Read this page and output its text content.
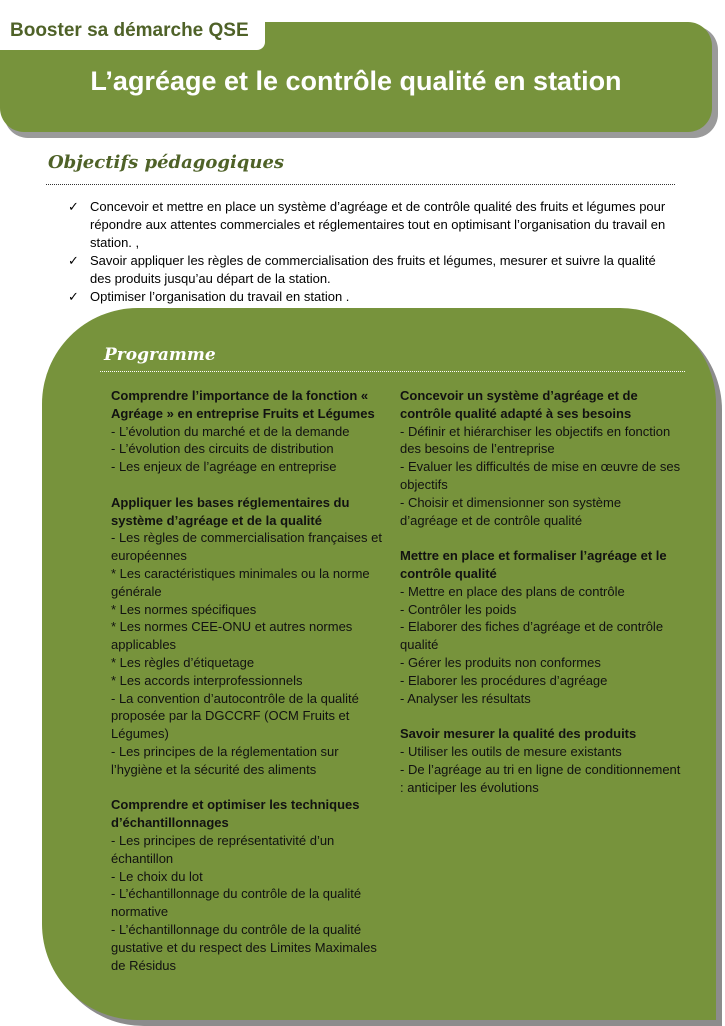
Booster sa démarche QSE
L’agréage et le contrôle qualité en station
Objectifs pédagogiques
✓ Concevoir et mettre en place un système d’agréage et de contrôle qualité des fruits et légumes pour répondre aux attentes commerciales et réglementaires tout en optimisant l’organisation du travail en station. ,
✓ Savoir appliquer les règles de commercialisation des fruits et légumes, mesurer et suivre la qualité des produits jusqu’au départ de la station.
✓ Optimiser l’organisation du travail en station .
Programme
Comprendre l’importance de la fonction « Agréage » en entreprise Fruits et Légumes
- L’évolution du marché et de la demande
- L’évolution des circuits de distribution
- Les enjeux de l’agréage en entreprise
Appliquer les bases réglementaires du système d’agréage et de la qualité
- Les règles de commercialisation françaises et européennes
* Les caractéristiques minimales ou la norme générale
* Les normes spécifiques
* Les normes CEE-ONU et autres normes applicables
* Les règles d’étiquetage
* Les accords interprofessionnels
- La convention d’autocontrôle de la qualité proposée par la DGCCRF (OCM Fruits et Légumes)
- Les principes de la réglementation sur l’hygiène et la sécurité des aliments
Comprendre et optimiser les techniques d’échantillonnages
- Les principes de représentativité d’un échantillon
- Le choix du lot
- L’échantillonnage du contrôle de la qualité normative
- L’échantillonnage du contrôle de la qualité gustative et du respect des Limites Maximales de Résidus
Concevoir un système d’agréage et de contrôle qualité adapté à ses besoins
- Définir et hiérarchiser les objectifs en fonction des besoins de l’entreprise
- Evaluer les difficultés de mise en œuvre de ses objectifs
- Choisir et dimensionner son système d’agréage et de contrôle qualité
Mettre en place et formaliser l’agréage et le contrôle qualité
- Mettre en place des plans de contrôle
- Contrôler les poids
- Elaborer des fiches d’agréage et de contrôle qualité
- Gérer les produits non conformes
- Elaborer les procédures d’agréage
- Analyser les résultats
Savoir mesurer la qualité des produits
- Utiliser les outils de mesure existants
- De l’agréage au tri en ligne de conditionnement : anticiper les évolutions
